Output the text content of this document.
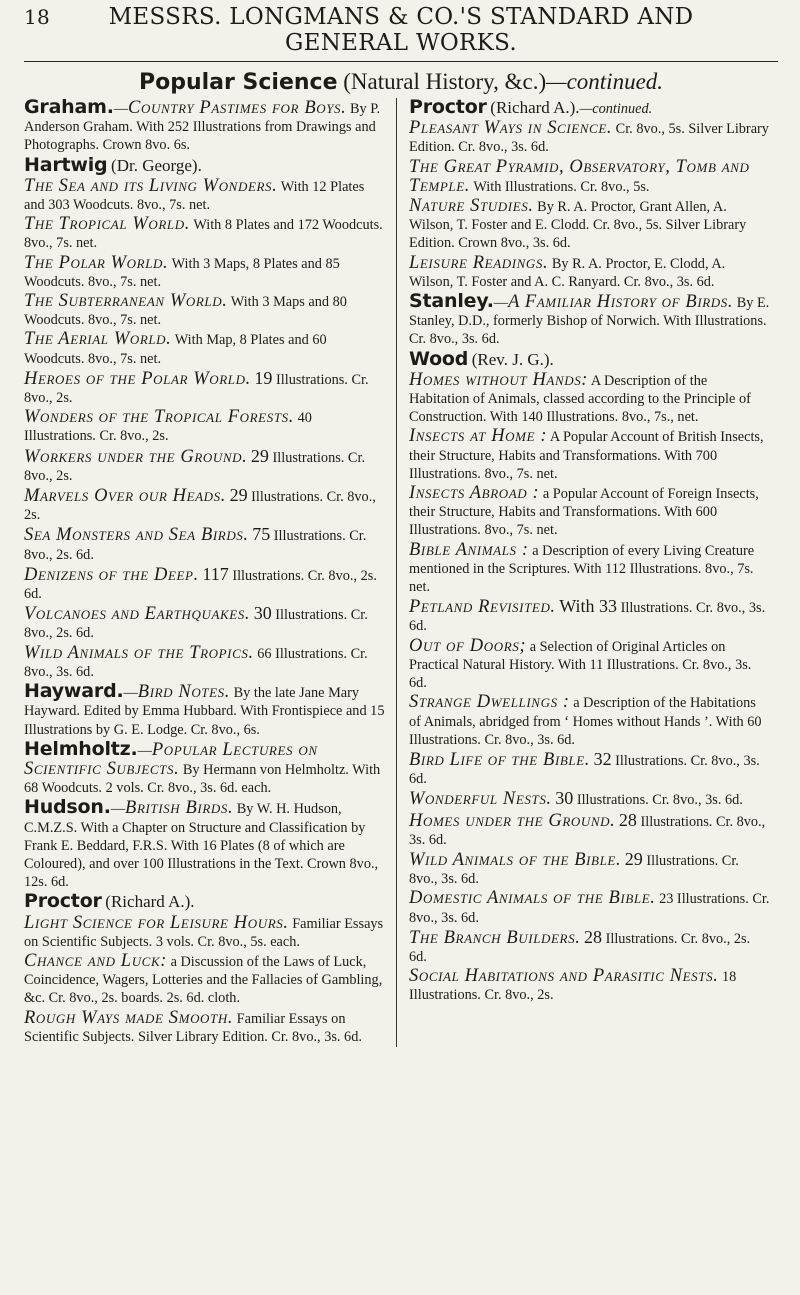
18	MESSRS. LONGMANS & CO.'S STANDARD AND GENERAL WORKS.
Popular Science (Natural History, &c.)—continued.
Graham.—Country Pastimes for Boys. By P. Anderson Graham. With 252 Illustrations from Drawings and Photographs. Crown 8vo. 6s.
Hartwig (Dr. George).
The Sea and its Living Wonders. With 12 Plates and 303 Woodcuts. 8vo., 7s. net.
The Tropical World. With 8 Plates and 172 Woodcuts. 8vo., 7s. net.
The Polar World. With 3 Maps, 8 Plates and 85 Woodcuts. 8vo., 7s. net.
The Subterranean World. With 3 Maps and 80 Woodcuts. 8vo., 7s. net.
The Aerial World. With Map, 8 Plates and 60 Woodcuts. 8vo., 7s. net.
Heroes of the Polar World. 19 Illustrations. Cr. 8vo., 2s.
Wonders of the Tropical Forests. 40 Illustrations. Cr. 8vo., 2s.
Workers under the Ground. 29 Illustrations. Cr. 8vo., 2s.
Marvels Over our Heads. 29 Illustrations. Cr. 8vo., 2s.
Sea Monsters and Sea Birds. 75 Illustrations. Cr. 8vo., 2s. 6d.
Denizens of the Deep. 117 Illustrations. Cr. 8vo., 2s. 6d.
Volcanoes and Earthquakes. 30 Illustrations. Cr. 8vo., 2s. 6d.
Wild Animals of the Tropics. 66 Illustrations. Cr. 8vo., 3s. 6d.
Hayward.—Bird Notes. By the late Jane Mary Hayward. Edited by Emma Hubbard. With Frontispiece and 15 Illustrations by G. E. Lodge. Cr. 8vo., 6s.
Helmholtz.—Popular Lectures on Scientific Subjects. By Hermann von Helmholtz. With 68 Woodcuts. 2 vols. Cr. 8vo., 3s. 6d. each.
Hudson.—British Birds. By W. H. Hudson, C.M.Z.S. With a Chapter on Structure and Classification by Frank E. Beddard, F.R.S. With 16 Plates (8 of which are Coloured), and over 100 Illustrations in the Text. Crown 8vo., 12s. 6d.
Proctor (Richard A.).
Light Science for Leisure Hours. Familiar Essays on Scientific Subjects. 3 vols. Cr. 8vo., 5s. each.
Chance and Luck: a Discussion of the Laws of Luck, Coincidence, Wagers, Lotteries and the Fallacies of Gambling, &c. Cr. 8vo., 2s. boards. 2s. 6d. cloth.
Rough Ways made Smooth. Familiar Essays on Scientific Subjects. Silver Library Edition. Cr. 8vo., 3s. 6d.
Proctor (Richard A.).—continued.
Pleasant Ways in Science. Cr. 8vo., 5s. Silver Library Edition. Cr. 8vo., 3s. 6d.
The Great Pyramid, Observatory, Tomb and Temple. With Illustrations. Cr. 8vo., 5s.
Nature Studies. By R. A. Proctor, Grant Allen, A. Wilson, T. Foster and E. Clodd. Cr. 8vo., 5s. Silver Library Edition. Crown 8vo., 3s. 6d.
Leisure Readings. By R. A. Proctor, E. Clodd, A. Wilson, T. Foster and A. C. Ranyard. Cr. 8vo., 3s. 6d.
Stanley.—A Familiar History of Birds. By E. Stanley, D.D., formerly Bishop of Norwich. With Illustrations. Cr. 8vo., 3s. 6d.
Wood (Rev. J. G.).
Homes without Hands: A Description of the Habitation of Animals, classed according to the Principle of Construction. With 140 Illustrations. 8vo., 7s., net.
Insects at Home : A Popular Account of British Insects, their Structure, Habits and Transformations. With 700 Illustrations. 8vo., 7s. net.
Insects Abroad : a Popular Account of Foreign Insects, their Structure, Habits and Transformations. With 600 Illustrations. 8vo., 7s. net.
Bible Animals : a Description of every Living Creature mentioned in the Scriptures. With 112 Illustrations. 8vo., 7s. net.
Petland Revisited. With 33 Illustrations. Cr. 8vo., 3s. 6d.
Out of Doors; a Selection of Original Articles on Practical Natural History. With 11 Illustrations. Cr. 8vo., 3s. 6d.
Strange Dwellings : a Description of the Habitations of Animals, abridged from ‘ Homes without Hands ’. With 60 Illustrations. Cr. 8vo., 3s. 6d.
Bird Life of the Bible. 32 Illustrations. Cr. 8vo., 3s. 6d.
Wonderful Nests. 30 Illustrations. Cr. 8vo., 3s. 6d.
Homes under the Ground. 28 Illustrations. Cr. 8vo., 3s. 6d.
Wild Animals of the Bible. 29 Illustrations. Cr. 8vo., 3s. 6d.
Domestic Animals of the Bible. 23 Illustrations. Cr. 8vo., 3s. 6d.
The Branch Builders. 28 Illustrations. Cr. 8vo., 2s. 6d.
Social Habitations and Parasitic Nests. 18 Illustrations. Cr. 8vo., 2s.
